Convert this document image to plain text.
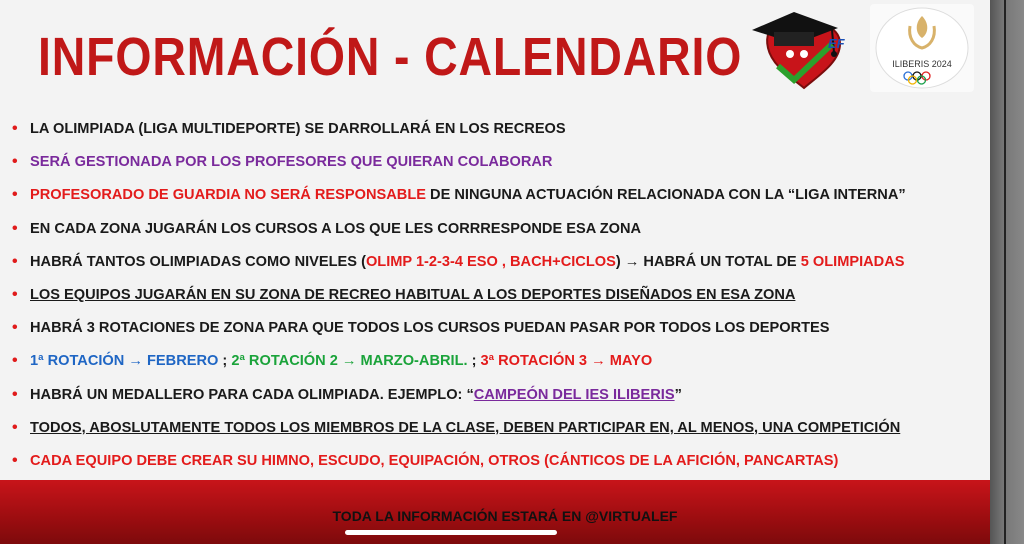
INFORMACIÓN - CALENDARIO	EF
ILIBERIS 2024
• LA OLIMPIADA (LIGA MULTIDEPORTE) SE DARROLLARÁ EN LOS RECREOS
• SERÁ GESTIONADA POR LOS PROFESORES QUE QUIERAN COLABORAR
• PROFESORADO DE GUARDIA NO SERÁ RESPONSABLE DE NINGUNA ACTUACIÓN RELACIONADA CON LA “LIGA INTERNA”
• EN CADA ZONA JUGARÁN LOS CURSOS A LOS QUE LES CORRRESPONDE ESA ZONA
• HABRÁ TANTOS OLIMPIADAS COMO NIVELES (OLIMP 1-2-3-4 ESO , BACH+CICLOS) → HABRÁ UN TOTAL DE 5 OLIMPIADAS
• LOS EQUIPOS JUGARÁN EN SU ZONA DE RECREO HABITUAL A LOS DEPORTES DISEÑADOS EN ESA ZONA
• HABRÁ 3 ROTACIONES DE ZONA PARA QUE TODOS LOS CURSOS PUEDAN PASAR POR TODOS LOS DEPORTES
• 1ª ROTACIÓN → FEBRERO ; 2ª ROTACIÓN 2 → MARZO-ABRIL. ; 3ª ROTACIÓN 3 → MAYO
• HABRÁ UN MEDALLERO PARA CADA OLIMPIADA. EJEMPLO: “CAMPEÓN DEL IES ILIBERIS”
• TODOS, ABOSLUTAMENTE TODOS LOS MIEMBROS DE LA CLASE, DEBEN PARTICIPAR EN, AL MENOS, UNA COMPETICIÓN
• CADA EQUIPO DEBE CREAR SU HIMNO, ESCUDO, EQUIPACIÓN, OTROS (CÁNTICOS DE LA AFICIÓN, PANCARTAS)
TODA LA INFORMACIÓN ESTARÁ EN @VIRTUALEF
